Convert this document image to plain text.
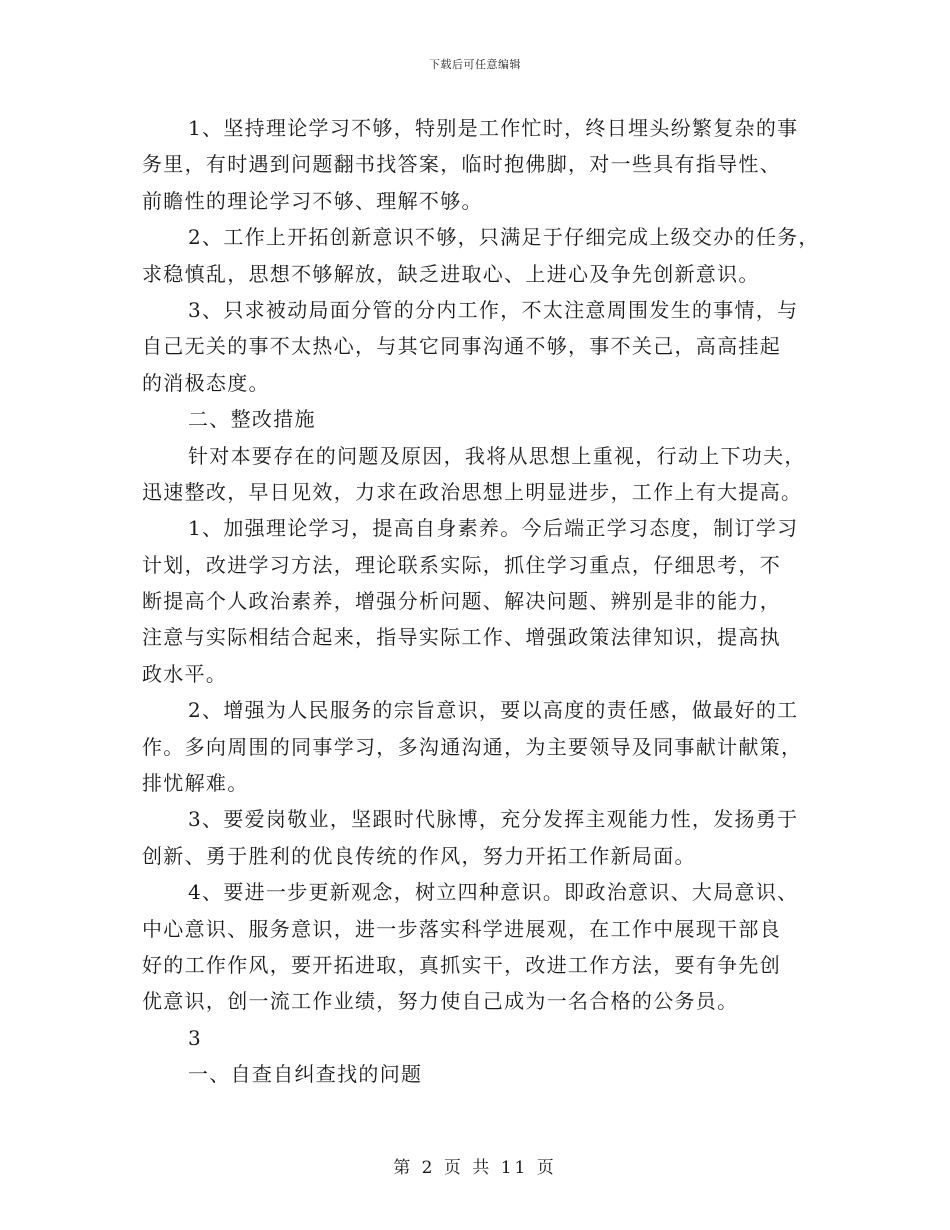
下载后可任意编辑
1、坚持理论学习不够，特别是工作忙时，终日埋头纷繁复杂的事
务里，有时遇到问题翻书找答案，临时抱佛脚，对一些具有指导性、
前瞻性的理论学习不够、理解不够。
2、工作上开拓创新意识不够，只满足于仔细完成上级交办的任务，
求稳慎乱，思想不够解放，缺乏进取心、上进心及争先创新意识。
3、只求被动局面分管的分内工作，不太注意周围发生的事情，与
自己无关的事不太热心，与其它同事沟通不够，事不关己，高高挂起
的消极态度。
二、整改措施
针对本要存在的问题及原因，我将从思想上重视，行动上下功夫，
迅速整改，早日见效，力求在政治思想上明显进步，工作上有大提高。
1、加强理论学习，提高自身素养。今后端正学习态度，制订学习
计划，改进学习方法，理论联系实际，抓住学习重点，仔细思考，不
断提高个人政治素养，增强分析问题、解决问题、辨别是非的能力，
注意与实际相结合起来，指导实际工作、增强政策法律知识，提高执
政水平。
2、增强为人民服务的宗旨意识，要以高度的责任感，做最好的工
作。多向周围的同事学习，多沟通沟通，为主要领导及同事献计献策，
排忧解难。
3、要爱岗敬业，坚跟时代脉博，充分发挥主观能力性，发扬勇于
创新、勇于胜利的优良传统的作风，努力开拓工作新局面。
4、要进一步更新观念，树立四种意识。即政治意识、大局意识、
中心意识、服务意识，进一步落实科学进展观，在工作中展现干部良
好的工作作风，要开拓进取，真抓实干，改进工作方法，要有争先创
优意识，创一流工作业绩，努力使自己成为一名合格的公务员。
3
一、自查自纠查找的问题
第 2 页 共 11 页
